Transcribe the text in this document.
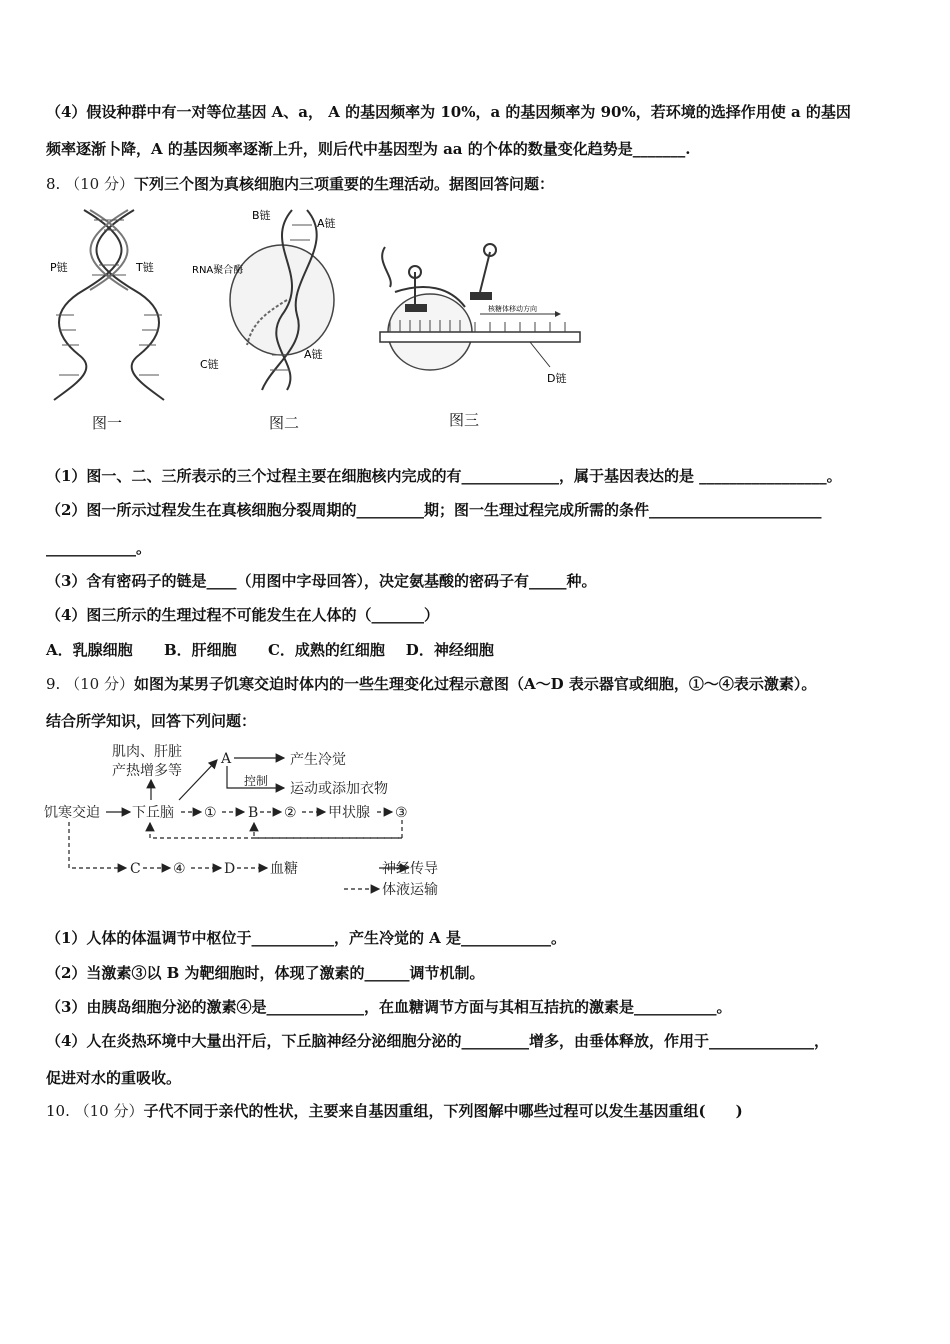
（4）假设种群中有一对等位基因 A、a， A 的基因频率为 10%，a 的基因频率为 90%，若环境的选择作用使 a 的基因
频率逐渐卜降，A 的基因频率逐渐上升，则后代中基因型为 aa 的个体的数量变化趋势是_______.
8. （10 分）下列三个图为真核细胞内三项重要的生理活动。据图回答问题：
P链	T链
图一
B链
A链
RNA聚合酶
C链
A链
图二
核糖体移动方向
D链
图三
（1）图一、二、三所表示的三个过程主要在细胞核内完成的有_____________，属于基因表达的是 _________________。
（2）图一所示过程发生在真核细胞分裂周期的_________期；图一生理过程完成所需的条件_______________________
____________。
（3）含有密码子的链是____（用图中字母回答），决定氨基酸的密码子有_____种。
（4）图三所示的生理过程不可能发生在人体的（_______）
A．乳腺细胞      B．肝细胞      C．成熟的红细胞    D．神经细胞
9. （10 分）如图为某男子饥寒交迫时体内的一些生理变化过程示意图（A～D 表示器官或细胞，①～④表示激素）。
结合所学知识，回答下列问题：
肌肉、肝脏
产热增多等
A	产生冷觉
控制 运动或添加衣物
饥寒交迫 下丘脑 ① B ② 甲状腺 ③
C ④	D 血糖	神经传导
体液运输
（1）人体的体温调节中枢位于___________，产生冷觉的 A 是____________。
（2）当激素③以 B 为靶细胞时，体现了激素的______调节机制。
（3）由胰岛细胞分泌的激素④是_____________，在血糖调节方面与其相互拮抗的激素是___________。
（4）人在炎热环境中大量出汗后，下丘脑神经分泌细胞分泌的_________增多，由垂体释放，作用于______________，
促进对水的重吸收。
10. （10 分）子代不同于亲代的性状，主要来自基因重组，下列图解中哪些过程可以发生基因重组(　　)
